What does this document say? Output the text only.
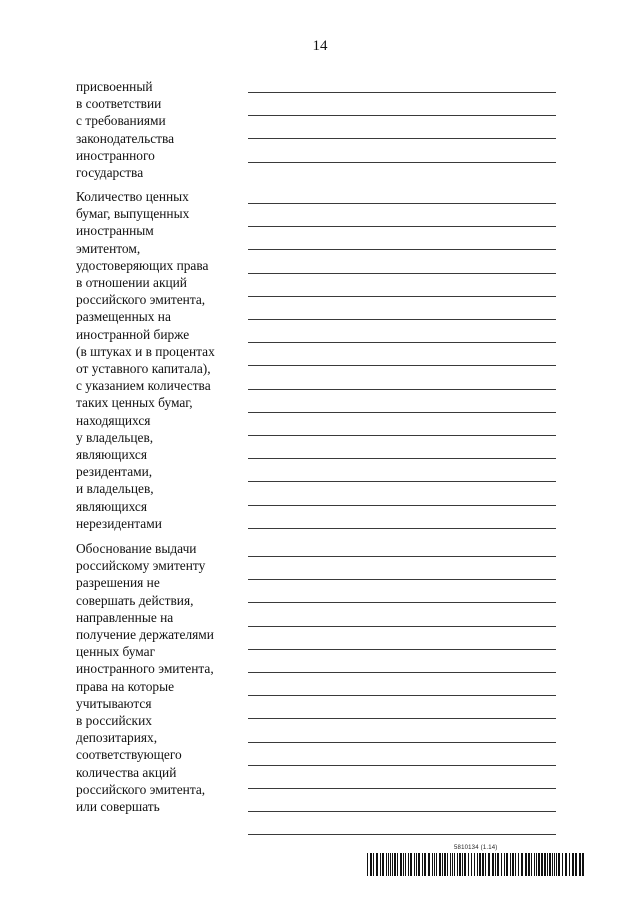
14
присвоенный
в соответствии
с требованиями
законодательства
иностранного
государства
Количество ценных
бумаг, выпущенных
иностранным
эмитентом,
удостоверяющих права
в отношении акций
российского эмитента,
размещенных на
иностранной бирже
(в штуках и в процентах
от уставного капитала),
с указанием количества
таких ценных бумаг,
находящихся
у владельцев,
являющихся
резидентами,
и владельцев,
являющихся
нерезидентами
Обоснование выдачи
российскому эмитенту
разрешения не
совершать действия,
направленные на
получение держателями
ценных бумаг
иностранного эмитента,
права на которые
учитываются
в российских
депозитариях,
соответствующего
количества акций
российского эмитента,
или совершать
5810134 (1.14)
